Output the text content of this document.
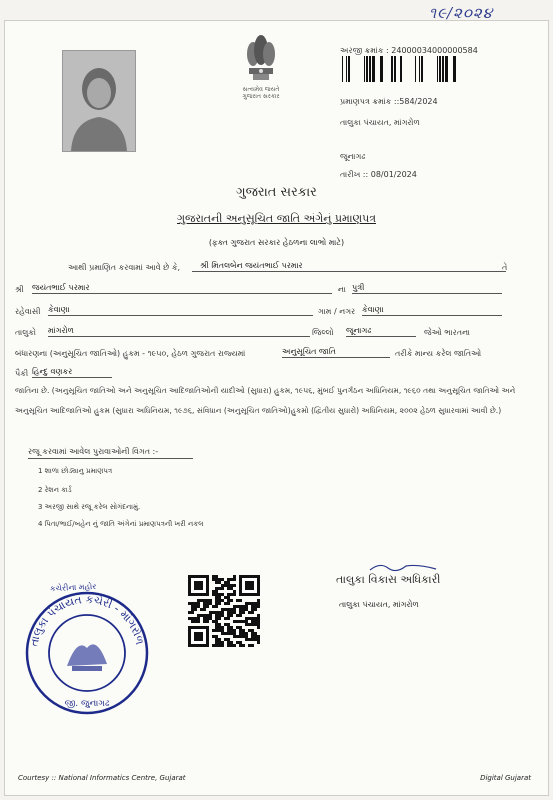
૧૯/૨૦૨૪
સત્યમેવ જયતે
ગુજરાત સરકાર
અરજી ક્રમાંક : 24000034000000584
પ્રમાણપત્ર ક્રમાંક ::584/2024
તાલુકા પંચાયત, માંગરોળ
જૂનાગઢ
તારીખ :: 08/01/2024
ગુજરાત સરકાર
ગુજરાતની અનુસૂચિત જાતિ અંગેનું પ્રમાણપત્ર
(ફક્ત ગુજરાત સરકાર હેઠળના લાભો માટે)
આથી પ્રમાણિત કરવામાં આવે છે કે,	શ્રી મિતલબેન જયંતભાઈ પરમાર	તે
શ્રી જયંતભાઈ પરમાર	ના પુત્રી
રહેવાસી કેવાણા	ગામ / નગર કેવાણા
તાલુકો માંગરોળ	જિલ્લો જૂનાગઢ	જેઓ ભારતના
બંધારણના (અનુસૂચિત જાતિઓ) હુકમ - ૧૯૫૦, હેઠળ ગુજરાત રાજ્યમાં	અનુસૂચિત જાતિ	તરીકે માન્ય કરેલ જાતિઓ
પૈકી હિન્દુ વણકર
જાતિના છે. (અનુસૂચિત જાતિઓ અને અનુસૂચિત આદિજાતિઓની યાદીઓ (સુધારા) હુકમ, ૧૯૫૬, મુંબઈ પુનર્ગઠન અધિનિયમ, ૧૯૬૦ તથા અનુસૂચિત જાતિઓ અને અનુસૂચિત આદિજાતિઓ હુકમ (સુધારા અધિનિયમ, ૧૯૭૬, સંવિધાન (અનુસૂચિત જાતિઓ)હુકમો (દ્વિતીય સુધારો) અધિનિયમ, ૨૦૦૨ હેઠળ સુધારવામાં આવી છે.)
રજૂ કરવામાં આવેલ પુરાવાઓની વિગત :-
1 શાળા છોડ્યાનુ પ્રમાણપત્ર
2 રેશન કાર્ડ
3 અરજી સાથે રજૂ કરેલ સોગંદનામું.
4 પિતા/ભાઈ/બહેન નું જાતિ અંગેનાં પ્રમાણપત્રની ખરી નકલ
તાલુકા વિકાસ અધિકારી
તાલુકા પંચાયત, માંગરોળ
કચેરીના મહોર
તાલુકા પંચાયત કચેરી - માંગરોળ
જી. જુનાગઢ
Courtesy :: National Informatics Centre, Gujarat	Digital Gujarat
